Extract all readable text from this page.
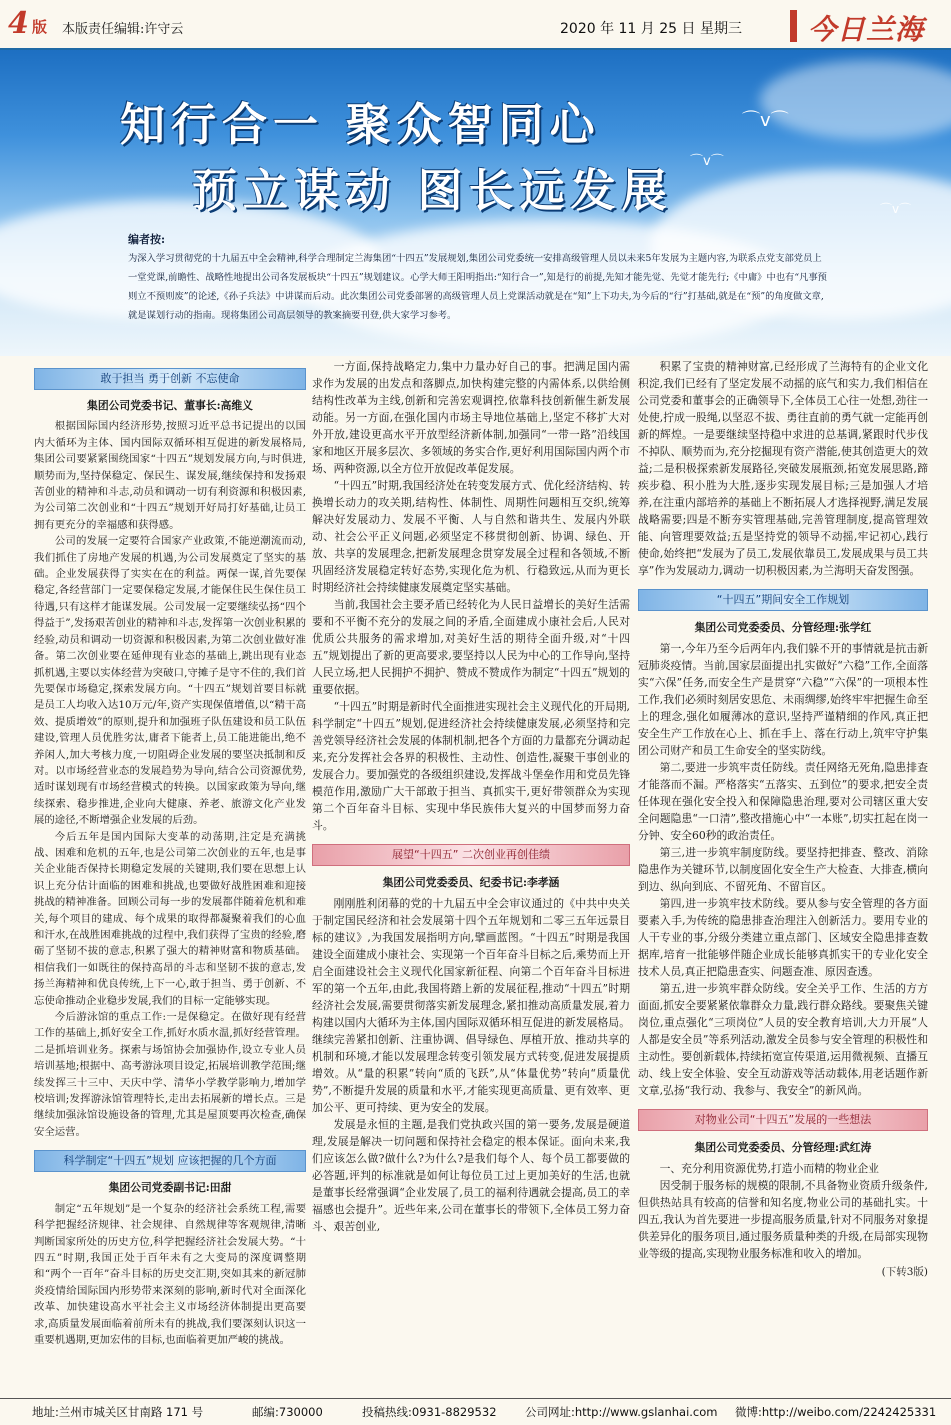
4 版 本版责任编辑:许守云	2020 年 11 月 25 日 星期三 今日兰海
⌒v⌒
⌒v⌒
⌒v⌒
知行合一 聚众智同心
预立谋动 图长远发展
编者按:
为深入学习贯彻党的十九届五中全会精神,科学合理制定兰海集团“十四五”发展规划,集团公司党委统一安排高级管理人员以未来5年发展为主题内容,为联系点党支部党员上一堂党课,前瞻性、战略性地提出公司各发展板块“十四五”规划建议。心学大师王阳明指出:“知行合一”,知是行的前提,先知才能先觉、先觉才能先行;《中庸》中也有“凡事预则立不预则废”的论述,《孙子兵法》中讲谋而后动。此次集团公司党委部署的高级管理人员上党课活动就是在“知”上下功夫,为今后的“行”打基础,就是在“预”的角度做文章,就是谋划行动的指南。现将集团公司高层领导的教案摘要刊登,供大家学习参考。
敢于担当 勇于创新 不忘使命
集团公司党委书记、董事长:高维义

根据国际国内经济形势,按照习近平总书记提出的以国内大循环为主体、国内国际双循环相互促进的新发展格局,集团公司要紧紧围绕国家“十四五”规划发展方向,与时俱进,顺势而为,坚持保稳定、保民生、谋发展,继续保持和发扬艰苦创业的精神和斗志,动员和调动一切有利资源和积极因素,为公司第二次创业和“十四五”规划开好局打好基础,让员工拥有更充分的幸福感和获得感。

公司的发展一定要符合国家产业政策,不能逆潮流而动,我们抓住了房地产发展的机遇,为公司发展奠定了坚实的基础。企业发展获得了实实在在的利益。两保一谋,首先要保稳定,各经营部门一定要保稳定发展,才能保住民生保住员工待遇,只有这样才能谋发展。公司发展一定要继续弘扬“四个得益于”,发扬艰苦创业的精神和斗志,发挥第一次创业积累的经验,动员和调动一切资源和积极因素,为第二次创业做好准备。第二次创业要在延伸现有业态的基础上,跳出现有业态抓机遇,主要以实体经营为突破口,守摊子是守不住的,我们首先要保市场稳定,探索发展方向。“十四五”规划首要目标就是员工人均收入达10万元/年,资产实现保值增值,以“精干高效、提质增效”的原则,提升和加强班子队伍建设和员工队伍建设,管理人员优胜劣汰,庸者下能者上,员工能进能出,绝不养闲人,加大考核力度,一切阻碍企业发展的要坚决抵制和反对。以市场经营业态的发展趋势为导向,结合公司资源优势,适时谋划现有市场经营模式的转换。以国家政策为导向,继续探索、稳步推进,企业向大健康、养老、旅游文化产业发展的途径,不断增强企业发展的后劲。

今后五年是国内国际大变革的动荡期,注定是充满挑战、困难和危机的五年,也是公司第二次创业的五年,也是事关企业能否保持长期稳定发展的关键期,我们要在思想上认识上充分估计面临的困难和挑战,也要做好战胜困难和迎接挑战的精神准备。回顾公司每一步的发展都伴随着危机和难关,每个项目的建成、每个成果的取得都凝聚着我们的心血和汗水,在战胜困难挑战的过程中,我们获得了宝贵的经验,磨砺了坚韧不拔的意志,积累了强大的精神财富和物质基础。相信我们一如既往的保持高昂的斗志和坚韧不拔的意志,发扬兰海精神和优良传统,上下一心,敢于担当、勇于创新、不忘使命推动企业稳步发展,我们的目标一定能够实现。

今后游泳馆的重点工作:一是保稳定。在做好现有经营工作的基础上,抓好安全工作,抓好水质水温,抓好经营管理。二是抓培训业务。探索与场馆协会加强协作,设立专业人员培训基地;根据中、高考游泳项目设定,拓展培训教学范围;继续发挥三十三中、天庆中学、清华小学教学影响力,增加学校培训;发挥游泳馆管理特长,走出去拓展新的增长点。三是继续加强泳馆设施设备的管理,尤其是屋顶要再次检查,确保安全运营。

科学制定“十四五”规划 应该把握的几个方面
集团公司党委副书记:田甜

制定“五年规划”是一个复杂的经济社会系统工程,需要科学把握经济规律、社会规律、自然规律等客观规律,清晰判断国家所处的历史方位,科学把握经济社会发展大势。“十四五”时期,我国正处于百年未有之大变局的深度调整期和“两个一百年”奋斗目标的历史交汇期,突如其来的新冠肺炎疫情给国际国内形势带来深刻的影响,新时代对全面深化改革、加快建设高水平社会主义市场经济体制提出更高要求,高质量发展面临着前所未有的挑战,我们要深刻认识这一重要机遇期,更加宏伟的目标,也面临着更加严峻的挑战。

一方面,保持战略定力,集中力量办好自己的事。把满足国内需求作为发展的出发点和落脚点,加快构建完整的内需体系,以供给侧结构性改革为主线,创新和完善宏观调控,依靠科技创新催生新发展动能。另一方面,在强化国内市场主导地位基础上,坚定不移扩大对外开放,建设更高水平开放型经济新体制,加强同“一带一路”沿线国家和地区开展多层次、多领域的务实合作,更好利用国际国内两个市场、两种资源,以全方位开放促改革促发展。

“十四五”时期,我国经济处在转变发展方式、优化经济结构、转换增长动力的攻关期,结构性、体制性、周期性问题相互交织,统筹解决好发展动力、发展不平衡、人与自然和谐共生、发展内外联动、社会公平正义问题,必须坚定不移贯彻创新、协调、绿色、开放、共享的发展理念,把新发展理念贯穿发展全过程和各领域,不断巩固经济发展稳定转好态势,实现化危为机、行稳致远,从而为更长时期经济社会持续健康发展奠定坚实基础。

当前,我国社会主要矛盾已经转化为人民日益增长的美好生活需要和不平衡不充分的发展之间的矛盾,全面建成小康社会后,人民对优质公共服务的需求增加,对美好生活的期待全面升级,对“十四五”规划提出了新的更高要求,要坚持以人民为中心的工作导向,坚持人民立场,把人民拥护不拥护、赞成不赞成作为制定“十四五”规划的重要依据。

“十四五”时期是新时代全面推进实现社会主义现代化的开局期,科学制定“十四五”规划,促进经济社会持续健康发展,必须坚持和完善党领导经济社会发展的体制机制,把各个方面的力量都充分调动起来,充分发挥社会各界的积极性、主动性、创造性,凝聚干事创业的发展合力。要加强党的各级组织建设,发挥战斗堡垒作用和党员先锋模范作用,激励广大干部敢于担当、真抓实干,更好带领群众为实现第二个百年奋斗目标、实现中华民族伟大复兴的中国梦而努力奋斗。

展望“十四五” 二次创业再创佳绩
集团公司党委委员、纪委书记:李孝涵

刚刚胜利闭幕的党的十九届五中全会审议通过的《中共中央关于制定国民经济和社会发展第十四个五年规划和二零三五年远景目标的建议》,为我国发展指明方向,擘画蓝图。“十四五”时期是我国建设全面建成小康社会、实现第一个百年奋斗目标之后,乘势而上开启全面建设社会主义现代化国家新征程、向第二个百年奋斗目标进军的第一个五年,由此,我国将踏上新的发展征程,推动“十四五”时期经济社会发展,需要贯彻落实新发展理念,紧扣推动高质量发展,着力构建以国内大循环为主体,国内国际双循环相互促进的新发展格局。继续完善紧扣创新、注重协调、倡导绿色、厚植开放、推动共享的机制和环境,才能以发展理念转变引领发展方式转变,促进发展提质增效。从“量的积累”转向“质的飞跃”,从“体量优势”转向“质量优势”,不断提升发展的质量和水平,才能实现更高质量、更有效率、更加公平、更可持续、更为安全的发展。

发展是永恒的主题,是我们党执政兴国的第一要务,发展是硬道理,发展是解决一切问题和保持社会稳定的根本保证。面向未来,我们应该怎么做?做什么?为什么?是我们每个人、每个员工都要做的必答题,评判的标准就是如何让每位员工过上更加美好的生活,也就是董事长经常强调“企业发展了,员工的福利待遇就会提高,员工的幸福感也会提升”。近些年来,公司在董事长的带领下,全体员工努力奋斗、艰苦创业,

积累了宝贵的精神财富,已经形成了兰海特有的企业文化积淀,我们已经有了坚定发展不动摇的底气和实力,我们相信在公司党委和董事会的正确领导下,全体员工心往一处想,劲往一处使,拧成一股绳,以坚忍不拔、勇往直前的勇气就一定能再创新的辉煌。一是要继续坚持稳中求进的总基调,紧跟时代步伐不掉队、顺势而为,充分挖掘现有资产潜能,使其创造更大的效益;二是积极探索新发展路径,突破发展瓶颈,拓宽发展思路,蹄疾步稳、积小胜为大胜,逐步实现发展目标;三是加强人才培养,在注重内部培养的基础上不断拓展人才选择视野,满足发展战略需要;四是不断夯实管理基础,完善管理制度,提高管理效能、向管理要效益;五是坚持党的领导不动摇,牢记初心,践行使命,始终把“发展为了员工,发展依靠员工,发展成果与员工共享”作为发展动力,调动一切积极因素,为兰海明天奋发图强。

“十四五”期间安全工作规划
集团公司党委委员、分管经理:张学红

第一,今年乃至今后两年内,我们躲不开的事情就是抗击新冠肺炎疫情。当前,国家层面提出扎实做好“六稳”工作,全面落实“六保”任务,而安全生产是贯穿“六稳”“六保”的一项根本性工作,我们必须时刻居安思危、未雨绸缪,始终牢牢把握生命至上的理念,强化如履薄冰的意识,坚持严谨精细的作风,真正把安全生产工作放在心上、抓在手上、落在行动上,筑牢守护集团公司财产和员工生命安全的坚实防线。

第二,要进一步筑牢责任防线。责任网络无死角,隐患排查才能落而不漏。严格落实“五落实、五到位”的要求,把安全责任体现在强化安全投入和保障隐患治理,要对公司辖区重大安全问题隐患“一口清”,整改措施心中“一本账”,切实扛起在岗一分钟、安全60秒的政治责任。

第三,进一步筑牢制度防线。要坚持把排查、整改、消除隐患作为关键环节,以制度固化安全生产大检查、大排查,横向到边、纵向到底、不留死角、不留盲区。

第四,进一步筑牢技术防线。要从参与安全管理的各方面要素入手,为传统的隐患排查治理注入创新活力。要用专业的人干专业的事,分级分类建立重点部门、区域安全隐患排查数据库,培育一批能够伴随企业成长能够真抓实干的专业化安全技术人员,真正把隐患查实、问题查准、原因查透。

第五,进一步筑牢群众防线。安全关乎工作、生活的方方面面,抓安全要紧紧依靠群众力量,践行群众路线。要聚焦关键岗位,重点强化“三项岗位”人员的安全教育培训,大力开展“人人都是安全员”等系列活动,激发全员参与安全管理的积极性和主动性。要创新载体,持续拓宽宣传渠道,运用微视频、直播互动、线上安全体验、安全互动游戏等活动载体,用老话题作新文章,弘扬“我行动、我参与、我安全”的新风尚。

对物业公司“十四五”发展的一些想法
集团公司党委委员、分管经理:武红涛

一、充分利用资源优势,打造小而精的物业企业

因受制于服务标的规模的限制,不具备物业资质升级条件,但供热站具有较高的信誉和知名度,物业公司的基础扎实。十四五,我认为首先要进一步提高服务质量,针对不同服务对象提供差异化的服务项目,通过服务质量种类的升级,在局部实现物业等级的提高,实现物业服务标准和收入的增加。

(下转3版)
地址:兰州市城关区甘南路 171 号	邮编:730000	投稿热线:0931-8829532 公司网址:http://www.gslanhai.com 微博:http://weibo.com/2242425331
